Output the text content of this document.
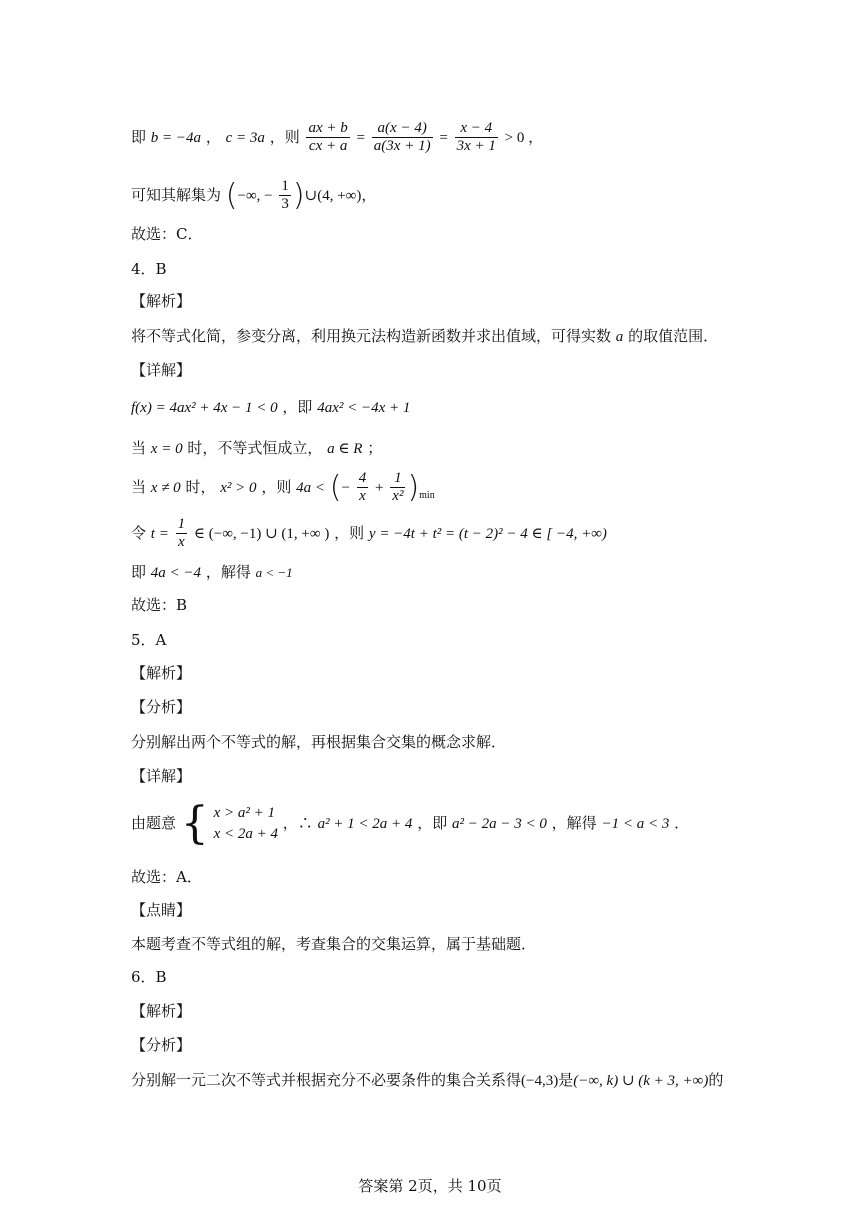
即 b = −4a ， c = 3a ，则 $\frac{ax + b}{cx + a} = \frac{a(x - 4)}{a(3x + 1)} = \frac{x - 4}{3x + 1} > 0$ ，
可知其解集为 (−∞, − $\frac{1}{3}$ )∪(4, +∞)，
故选：C．
4．B
【解析】
将不等式化简，参变分离，利用换元法构造新函数并求出值域，可得实数 a 的取值范围．
【详解】
f(x) = 4ax² + 4x − 1 < 0 ，即 4ax² < −4x + 1
当 x = 0 时，不等式恒成立， a ∈ R ；
当 x ≠ 0 时， x² > 0 ，则 4a < (− $\frac{4}{x} + \frac{1}{\text{x²}} )_{min}$
令 $t = \frac{1}{x}$ ∈ (−∞, −1) ∪ (1, +∞ ) ，则 y = −4t + t² = (t − 2)² − 4 ∈ [ −4, +∞)
即 4a < −4 ，解得 a < −1
故选：B
5．A
【解析】
【分析】
分别解出两个不等式的解，再根据集合交集的概念求解．
【详解】
由题意 { x > a² + 1
x < 2a + 4
，∴ a² + 1 < 2a + 4 ，即 a² − 2a − 3 < 0 ，解得 −1 < a < 3 ．
故选：A．
【点睛】
本题考查不等式组的解，考查集合的交集运算，属于基础题．
6．B
【解析】
【分析】
分别解一元二次不等式并根据充分不必要条件的集合关系得(−4,3)是(−∞, k) ∪ (k + 3, +∞)的
答案第 2页，共 10页
